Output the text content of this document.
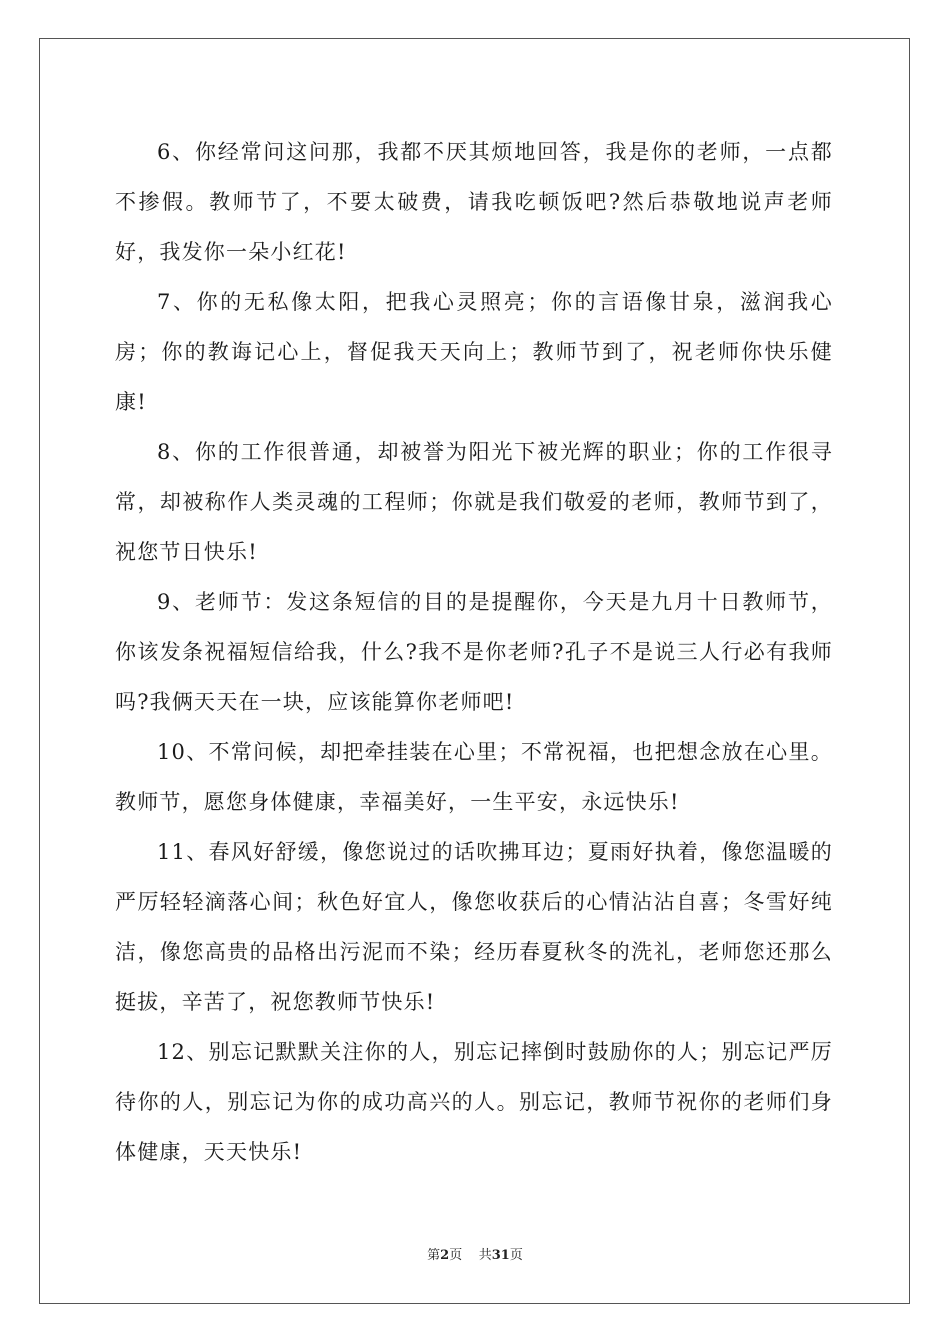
6、你经常问这问那，我都不厌其烦地回答，我是你的老师，一点都不掺假。教师节了，不要太破费，请我吃顿饭吧?然后恭敬地说声老师好，我发你一朵小红花!

7、你的无私像太阳，把我心灵照亮；你的言语像甘泉，滋润我心房；你的教诲记心上，督促我天天向上；教师节到了，祝老师你快乐健康!

8、你的工作很普通，却被誉为阳光下被光辉的职业；你的工作很寻常，却被称作人类灵魂的工程师；你就是我们敬爱的老师，教师节到了，祝您节日快乐!

9、老师节：发这条短信的目的是提醒你，今天是九月十日教师节，你该发条祝福短信给我，什么?我不是你老师?孔子不是说三人行必有我师吗?我俩天天在一块，应该能算你老师吧!

10、不常问候，却把牵挂装在心里；不常祝福，也把想念放在心里。教师节，愿您身体健康，幸福美好，一生平安，永远快乐!

11、春风好舒缓，像您说过的话吹拂耳边；夏雨好执着，像您温暖的严厉轻轻滴落心间；秋色好宜人，像您收获后的心情沾沾自喜；冬雪好纯洁，像您高贵的品格出污泥而不染；经历春夏秋冬的洗礼，老师您还那么挺拔，辛苦了，祝您教师节快乐!

12、别忘记默默关注你的人，别忘记摔倒时鼓励你的人；别忘记严厉待你的人，别忘记为你的成功高兴的人。别忘记，教师节祝你的老师们身体健康，天天快乐!

第2页 共31页
